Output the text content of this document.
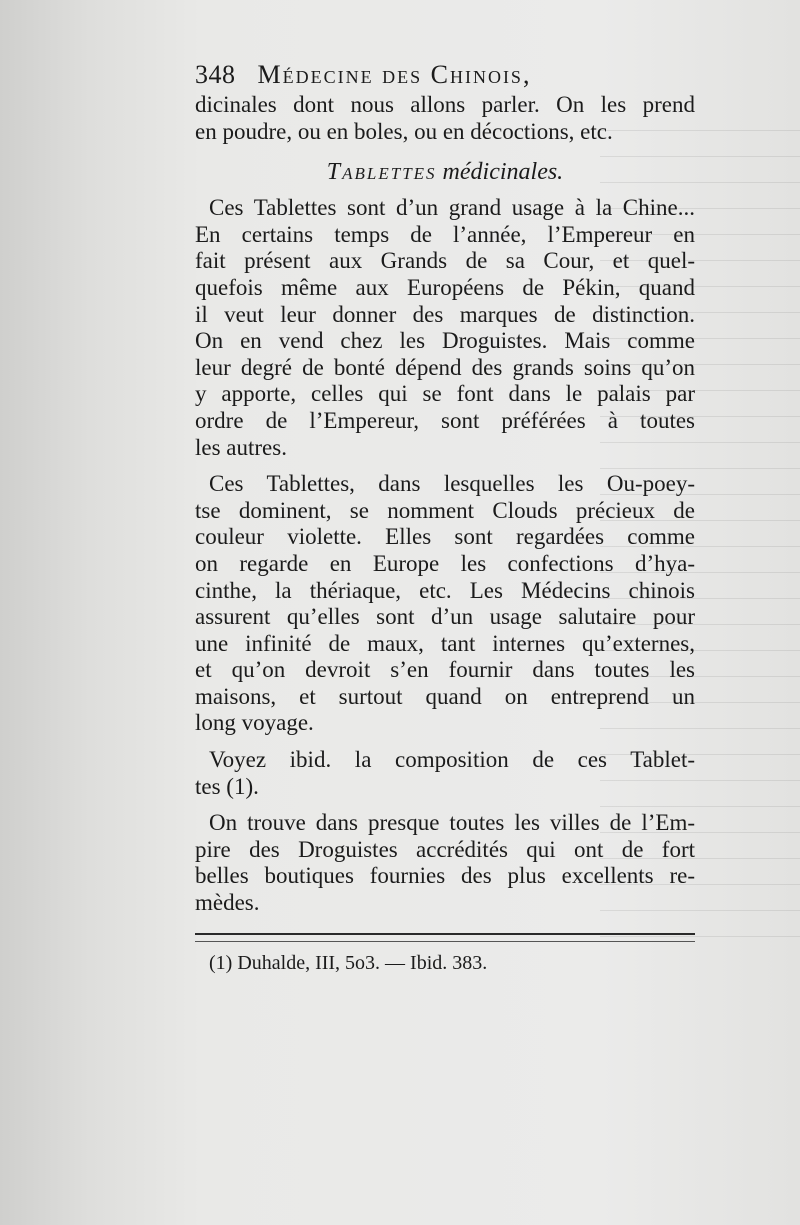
348 Médecine des Chinois,
dicinales dont nous allons parler. On les prend
en poudre, ou en boles, ou en décoctions, etc.
Tablettes médicinales.
Ces Tablettes sont d’un grand usage à la Chine...
En certains temps de l’année, l’Empereur en
fait présent aux Grands de sa Cour, et quel-
quefois même aux Européens de Pékin, quand
il veut leur donner des marques de distinction.
On en vend chez les Droguistes. Mais comme
leur degré de bonté dépend des grands soins qu’on
y apporte, celles qui se font dans le palais par
ordre de l’Empereur, sont préférées à toutes
les autres.
Ces Tablettes, dans lesquelles les Ou-poey-
tse dominent, se nomment Clouds précieux de
couleur violette. Elles sont regardées comme
on regarde en Europe les confections d’hya-
cinthe, la thériaque, etc. Les Médecins chinois
assurent qu’elles sont d’un usage salutaire pour
une infinité de maux, tant internes qu’externes,
et qu’on devroit s’en fournir dans toutes les
maisons, et surtout quand on entreprend un
long voyage.
Voyez ibid. la composition de ces Tablet-
tes (1).
On trouve dans presque toutes les villes de l’Em-
pire des Droguistes accrédités qui ont de fort
belles boutiques fournies des plus excellents re-
mèdes.
(1) Duhalde, III, 5o3. — Ibid. 383.
